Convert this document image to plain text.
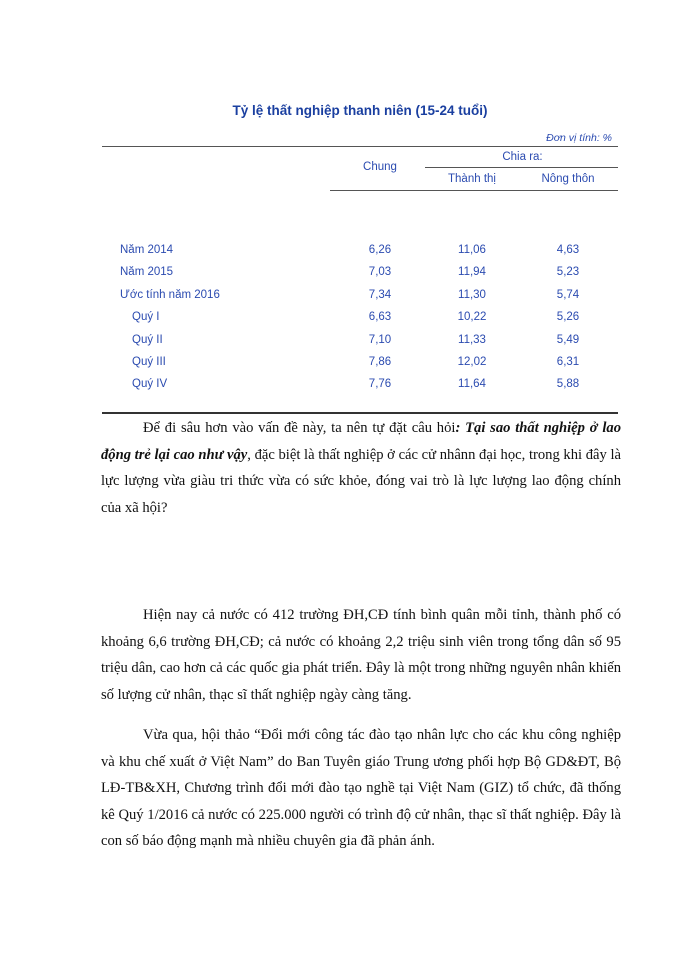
Tỷ lệ thất nghiệp thanh niên (15-24 tuổi)
Đơn vị tính: %
Chung
Chia ra:
Thành thị	Nông thôn
Năm 2014	6,26	11,06	4,63
Năm 2015	7,03	11,94	5,23
Ước tính năm 2016	7,34	11,30	5,74
Quý I	6,63	10,22	5,26
Quý II	7,10	11,33	5,49
Quý III	7,86	12,02	6,31
Quý IV	7,76	11,64	5,88
Để đi sâu hơn vào vấn đề này, ta nên tự đặt câu hỏi: Tại sao thất nghiệp ở lao động trẻ lại cao như vậy, đặc biệt là thất nghiệp ở các cử nhânn đại học, trong khi đây là lực lượng vừa giàu tri thức vừa có sức khỏe, đóng vai trò là lực lượng lao động chính của xã hội?
Hiện nay cả nước có 412 trường ĐH,CĐ tính bình quân mỗi tỉnh, thành phố có khoảng 6,6 trường ĐH,CĐ; cả nước có khoảng 2,2 triệu sinh viên trong tổng dân số 95 triệu dân, cao hơn cả các quốc gia phát triển. Đây là một trong những nguyên nhân khiến số lượng cử nhân, thạc sĩ thất nghiệp ngày càng tăng.
Vừa qua, hội thảo “Đổi mới công tác đào tạo nhân lực cho các khu công nghiệp và khu chế xuất ở Việt Nam” do Ban Tuyên giáo Trung ương phối hợp Bộ GD&ĐT, Bộ LĐ-TB&XH, Chương trình đổi mới đào tạo nghề tại Việt Nam (GIZ) tổ chức, đã thống kê Quý 1/2016 cả nước có 225.000 người có trình độ cử nhân, thạc sĩ thất nghiệp. Đây là con số báo động mạnh mà nhiều chuyên gia đã phản ánh.
